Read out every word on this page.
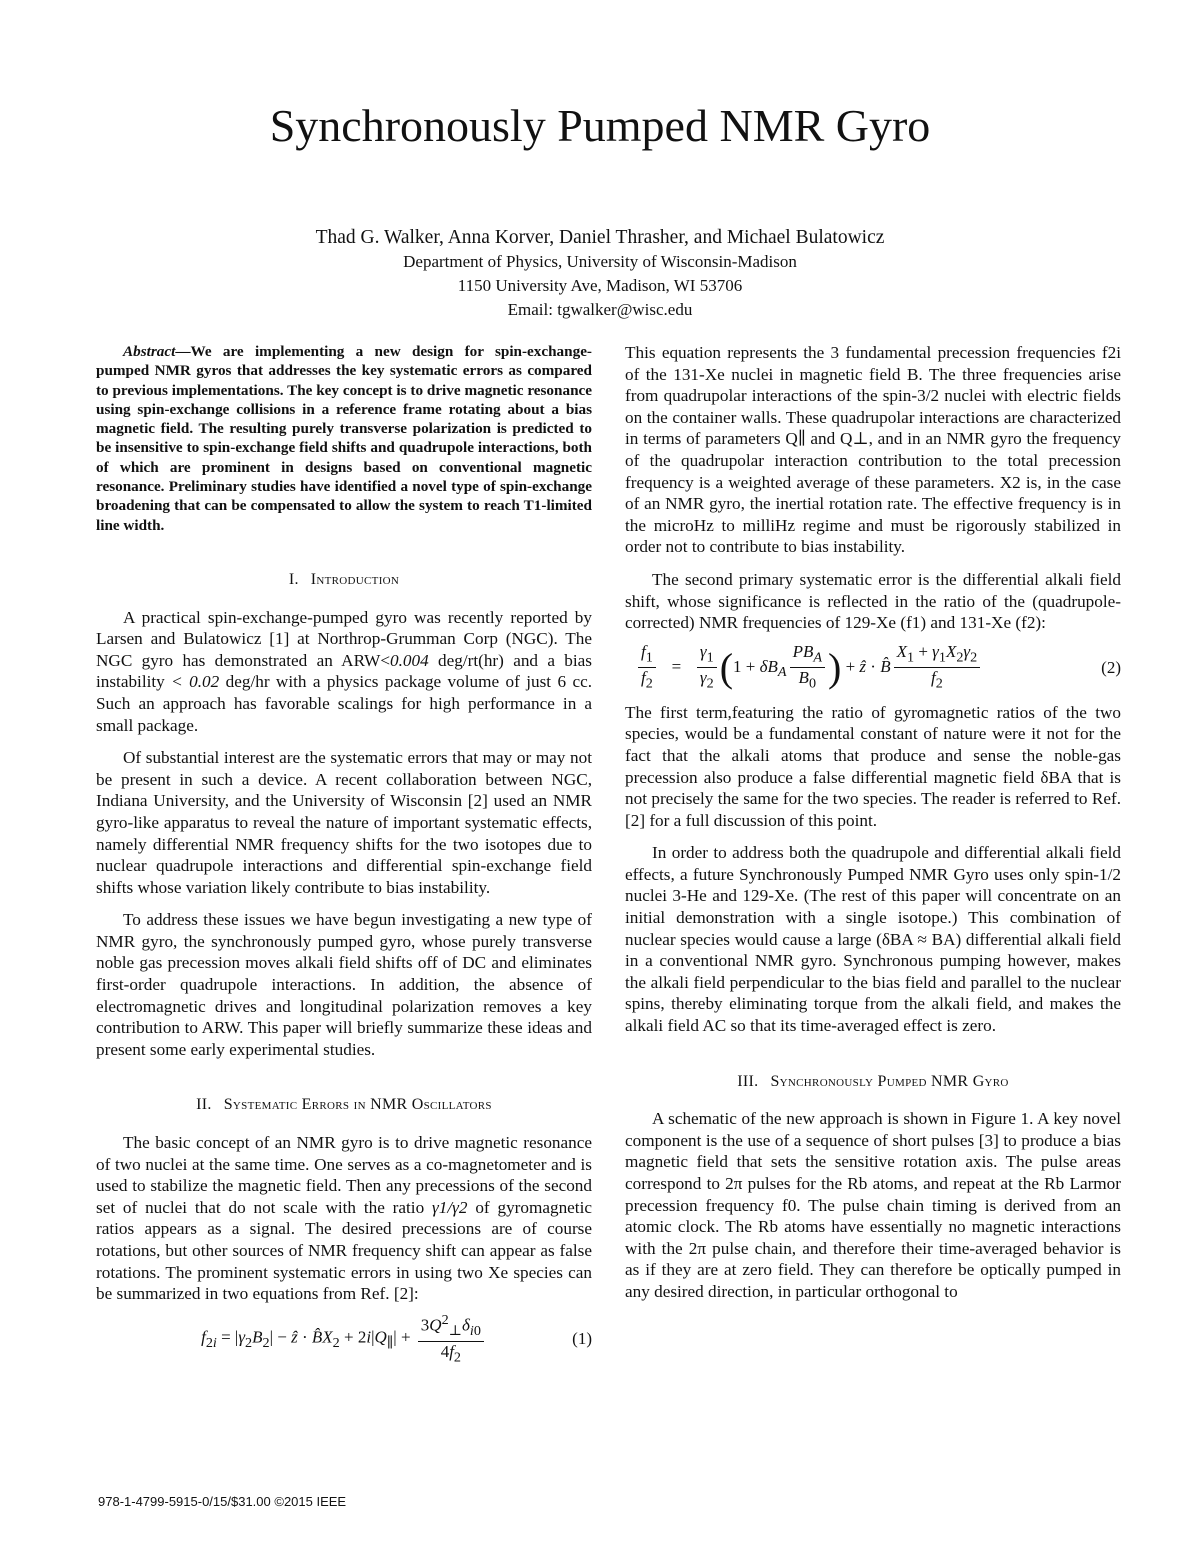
Synchronously Pumped NMR Gyro
Thad G. Walker, Anna Korver, Daniel Thrasher, and Michael Bulatowicz
Department of Physics, University of Wisconsin-Madison
1150 University Ave, Madison, WI 53706
Email: tgwalker@wisc.edu

Abstract—We are implementing a new design for spin-exchange-pumped NMR gyros that addresses the key systematic errors as compared to previous implementations. The key concept is to drive magnetic resonance using spin-exchange collisions in a reference frame rotating about a bias magnetic field. The resulting purely transverse polarization is predicted to be insensitive to spin-exchange field shifts and quadrupole interactions, both of which are prominent in designs based on conventional magnetic resonance. Preliminary studies have identified a novel type of spin-exchange broadening that can be compensated to allow the system to reach T1-limited line width.

I. Introduction

A practical spin-exchange-pumped gyro was recently reported by Larsen and Bulatowicz [1] at Northrop-Grumman Corp (NGC). The NGC gyro has demonstrated an ARW<0.004 deg/rt(hr) and a bias instability < 0.02 deg/hr with a physics package volume of just 6 cc. Such an approach has favorable scalings for high performance in a small package.

Of substantial interest are the systematic errors that may or may not be present in such a device. A recent collaboration between NGC, Indiana University, and the University of Wisconsin [2] used an NMR gyro-like apparatus to reveal the nature of important systematic effects, namely differential NMR frequency shifts for the two isotopes due to nuclear quadrupole interactions and differential spin-exchange field shifts whose variation likely contribute to bias instability.

To address these issues we have begun investigating a new type of NMR gyro, the synchronously pumped gyro, whose purely transverse noble gas precession moves alkali field shifts off of DC and eliminates first-order quadrupole interactions. In addition, the absence of electromagnetic drives and longitudinal polarization removes a key contribution to ARW. This paper will briefly summarize these ideas and present some early experimental studies.

II. Systematic Errors in NMR Oscillators

The basic concept of an NMR gyro is to drive magnetic resonance of two nuclei at the same time. One serves as a co-magnetometer and is used to stabilize the magnetic field. Then any precessions of the second set of nuclei that do not scale with the ratio γ1/γ2 of gyromagnetic ratios appears as a signal. The desired precessions are of course rotations, but other sources of NMR frequency shift can appear as false rotations. The prominent systematic errors in using two Xe species can be summarized in two equations from Ref. [2]:

$f_{2i} = |\gamma_2B_2|$ − ẑ · $B̂X_2 + 2i|Q_\parallel| + \frac{3Q^2_\perp\delta_{i0}}{4f_2}$	(1)

This equation represents the 3 fundamental precession frequencies f2i of the 131-Xe nuclei in magnetic field B. The three frequencies arise from quadrupolar interactions of the spin-3/2 nuclei with electric fields on the container walls. These quadrupolar interactions are characterized in terms of parameters Q∥ and Q⊥, and in an NMR gyro the frequency of the quadrupolar interaction contribution to the total precession frequency is a weighted average of these parameters. X2 is, in the case of an NMR gyro, the inertial rotation rate. The effective frequency is in the microHz to milliHz regime and must be rigorously stabilized in order not to contribute to bias instability.

The second primary systematic error is the differential alkali field shift, whose significance is reflected in the ratio of the (quadrupole-corrected) NMR frequencies of 129-Xe (f1) and 131-Xe (f2):

$\frac{f_1}{f_2} = \frac{\gamma_1}{\gamma_2} (1 + \delta B_A \frac{PB_A}{B_0}$ ) + ẑ · B̂ $\frac{X_1 + \gamma_1X_2\gamma_2}{f_2}$	(2)

The first term,featuring the ratio of gyromagnetic ratios of the two species, would be a fundamental constant of nature were it not for the fact that the alkali atoms that produce and sense the noble-gas precession also produce a false differential magnetic field δBA that is not precisely the same for the two species. The reader is referred to Ref. [2] for a full discussion of this point.

In order to address both the quadrupole and differential alkali field effects, a future Synchronously Pumped NMR Gyro uses only spin-1/2 nuclei 3-He and 129-Xe. (The rest of this paper will concentrate on an initial demonstration with a single isotope.) This combination of nuclear species would cause a large (δBA ≈ BA) differential alkali field in a conventional NMR gyro. Synchronous pumping however, makes the alkali field perpendicular to the bias field and parallel to the nuclear spins, thereby eliminating torque from the alkali field, and makes the alkali field AC so that its time-averaged effect is zero.

III. Synchronously Pumped NMR Gyro

A schematic of the new approach is shown in Figure 1. A key novel component is the use of a sequence of short pulses [3] to produce a bias magnetic field that sets the sensitive rotation axis. The pulse areas correspond to 2π pulses for the Rb atoms, and repeat at the Rb Larmor precession frequency f0. The pulse chain timing is derived from an atomic clock. The Rb atoms have essentially no magnetic interactions with the 2π pulse chain, and therefore their time-averaged behavior is as if they are at zero field. They can therefore be optically pumped in any desired direction, in particular orthogonal to

978-1-4799-5915-0/15/$31.00 ©2015 IEEE
